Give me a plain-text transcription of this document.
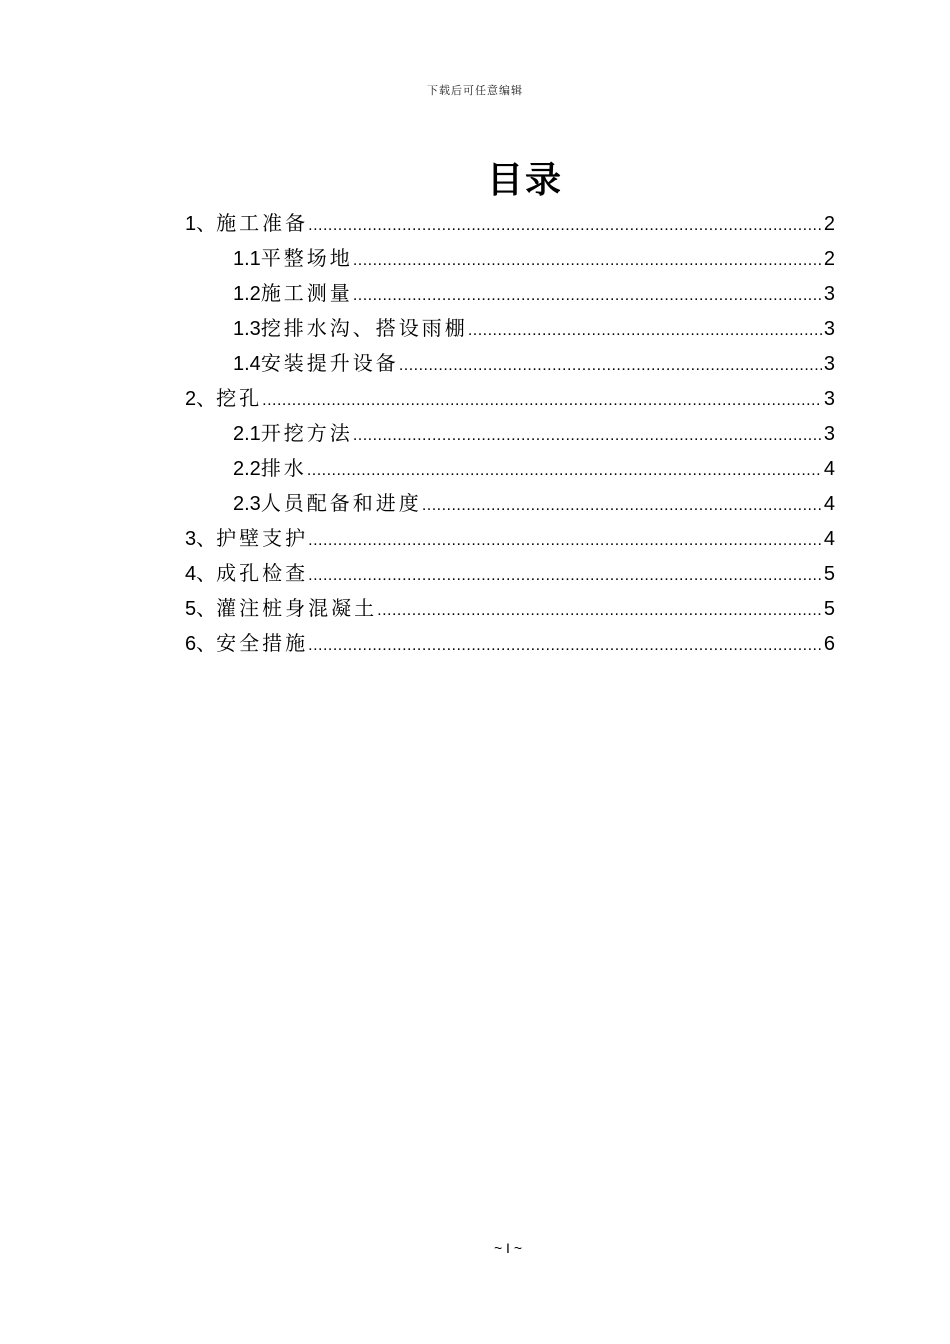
下载后可任意编辑
目录
1、 施工准备 .....	2
1.1 平整场地 .....	2
1.2 施工测量 .....	3
1.3 挖排水沟、搭设雨棚 .....	3
1.4 安装提升设备 .....	3
2、 挖孔 .....	3
2.1 开挖方法 .....	3
2.2 排水 .....	4
2.3 人员配备和进度 .....	4
3、 护壁支护 .....	4
4、 成孔检查 .....	5
5、 灌注桩身混凝土 .....	5
6、 安全措施 .....	6
~ I ~
